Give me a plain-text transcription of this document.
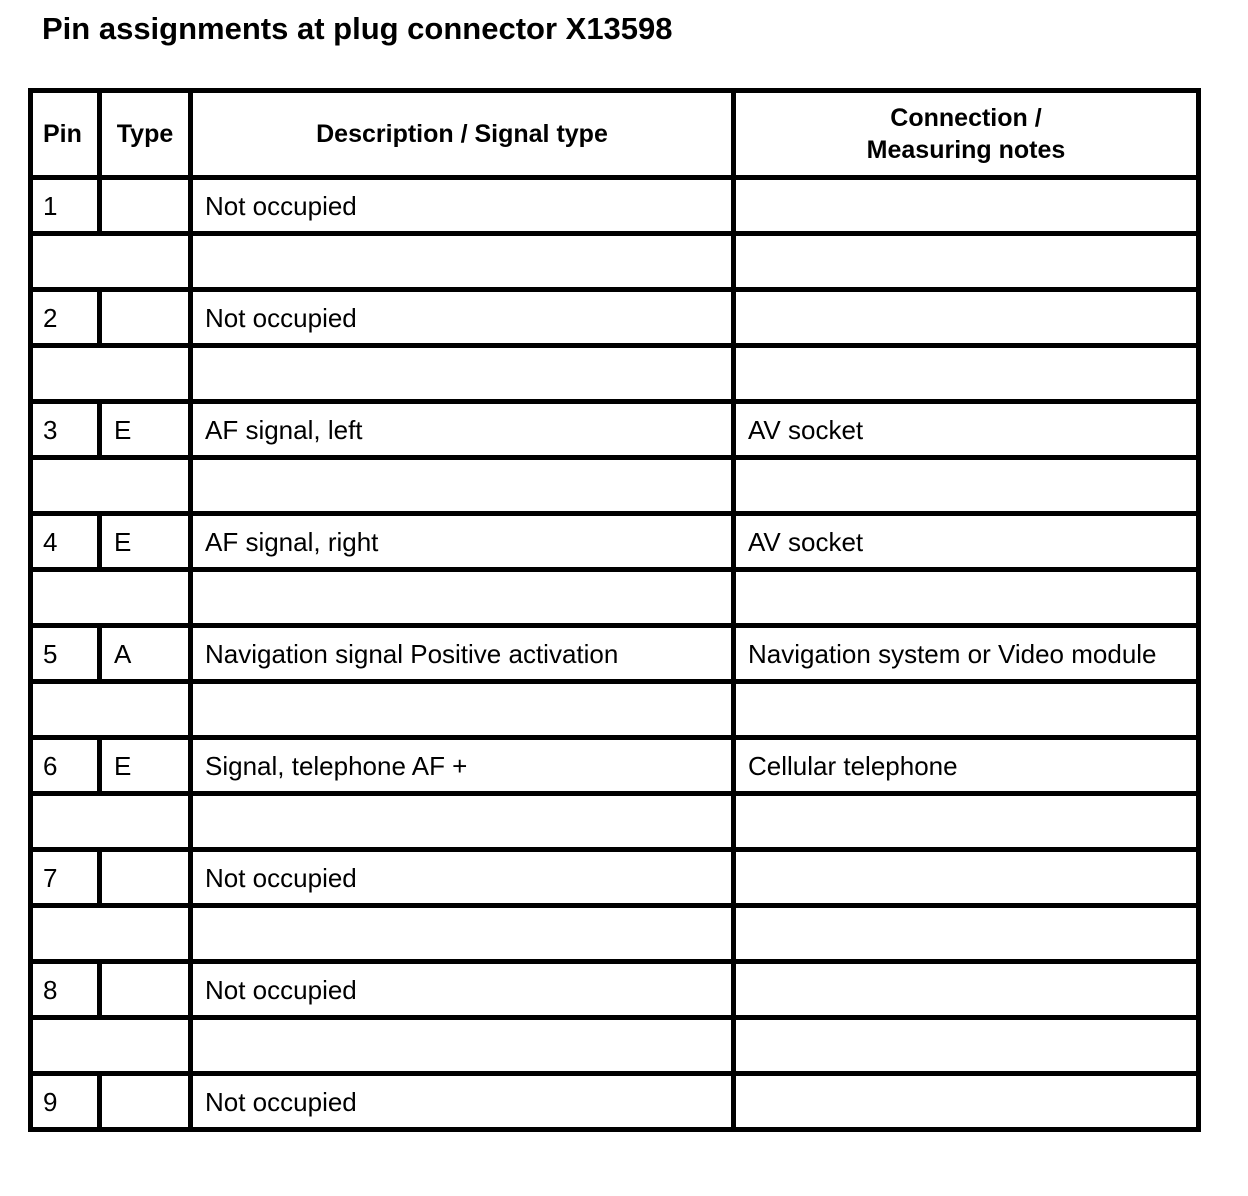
Pin assignments at plug connector X13598
Pin	Type	Description / Signal type	Connection /
Measuring notes

1		Not occupied	

2		Not occupied	

3	E	AF signal, left	AV socket

4	E	AF signal, right	AV socket

5	A	Navigation signal Positive activation	Navigation system or Video module

6	E	Signal, telephone AF +	Cellular telephone

7		Not occupied	

8		Not occupied	

9		Not occupied	
